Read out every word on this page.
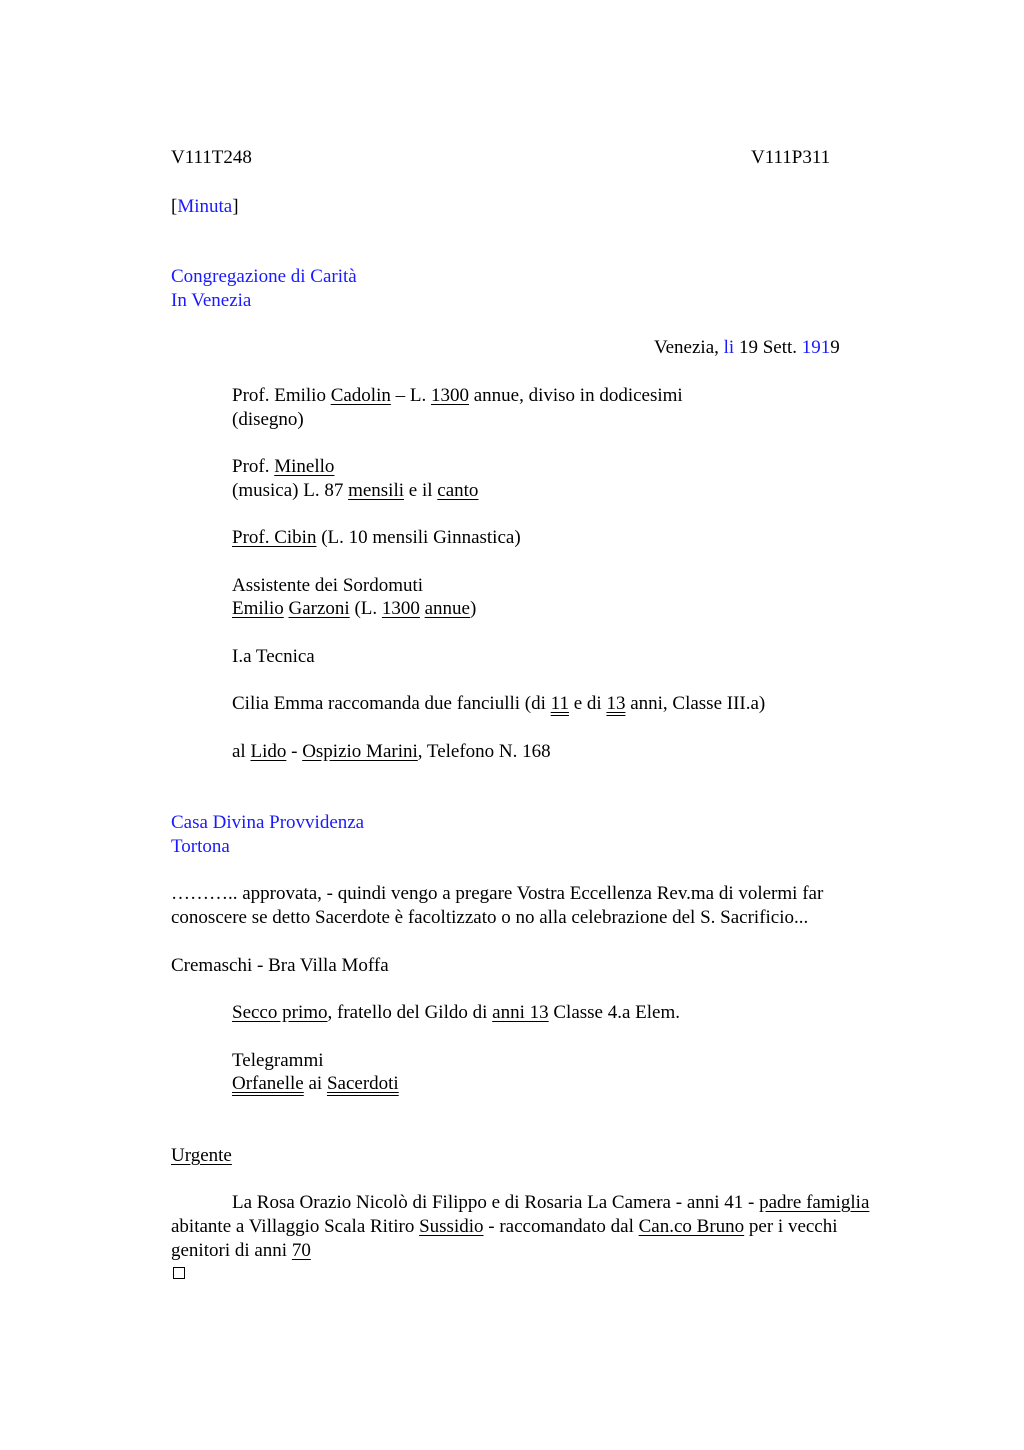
V111T248	V111P311

[Minuta]

Congregazione di Carità

In Venezia

Venezia, li 19 Sett. 1919

Prof. Emilio Cadolin – L. 1300 annue, diviso in dodicesimi

(disegno)

Prof. Minello

(musica) L. 87 mensili e il canto

Prof. Cibin (L. 10 mensili Ginnastica)

Assistente dei Sordomuti

Emilio Garzoni (L. 1300 annue)

I.a Tecnica

Cilia Emma raccomanda due fanciulli (di 11 e di 13 anni, Classe III.a)

al Lido - Ospizio Marini, Telefono N. 168

Casa Divina Provvidenza

Tortona

……….. approvata, - quindi vengo a pregare Vostra Eccellenza Rev.ma di volermi far

conoscere se detto Sacerdote è facoltizzato o no alla celebrazione del S. Sacrificio...

Cremaschi - Bra Villa Moffa

Secco primo, fratello del Gildo di anni 13 Classe 4.a Elem.

Telegrammi

Orfanelle ai Sacerdoti

Urgente

La Rosa Orazio Nicolò di Filippo e di Rosaria La Camera - anni 41 - padre famiglia

abitante a Villaggio Scala Ritiro Sussidio - raccomandato dal Can.co Bruno per i vecchi

genitori di anni 70
